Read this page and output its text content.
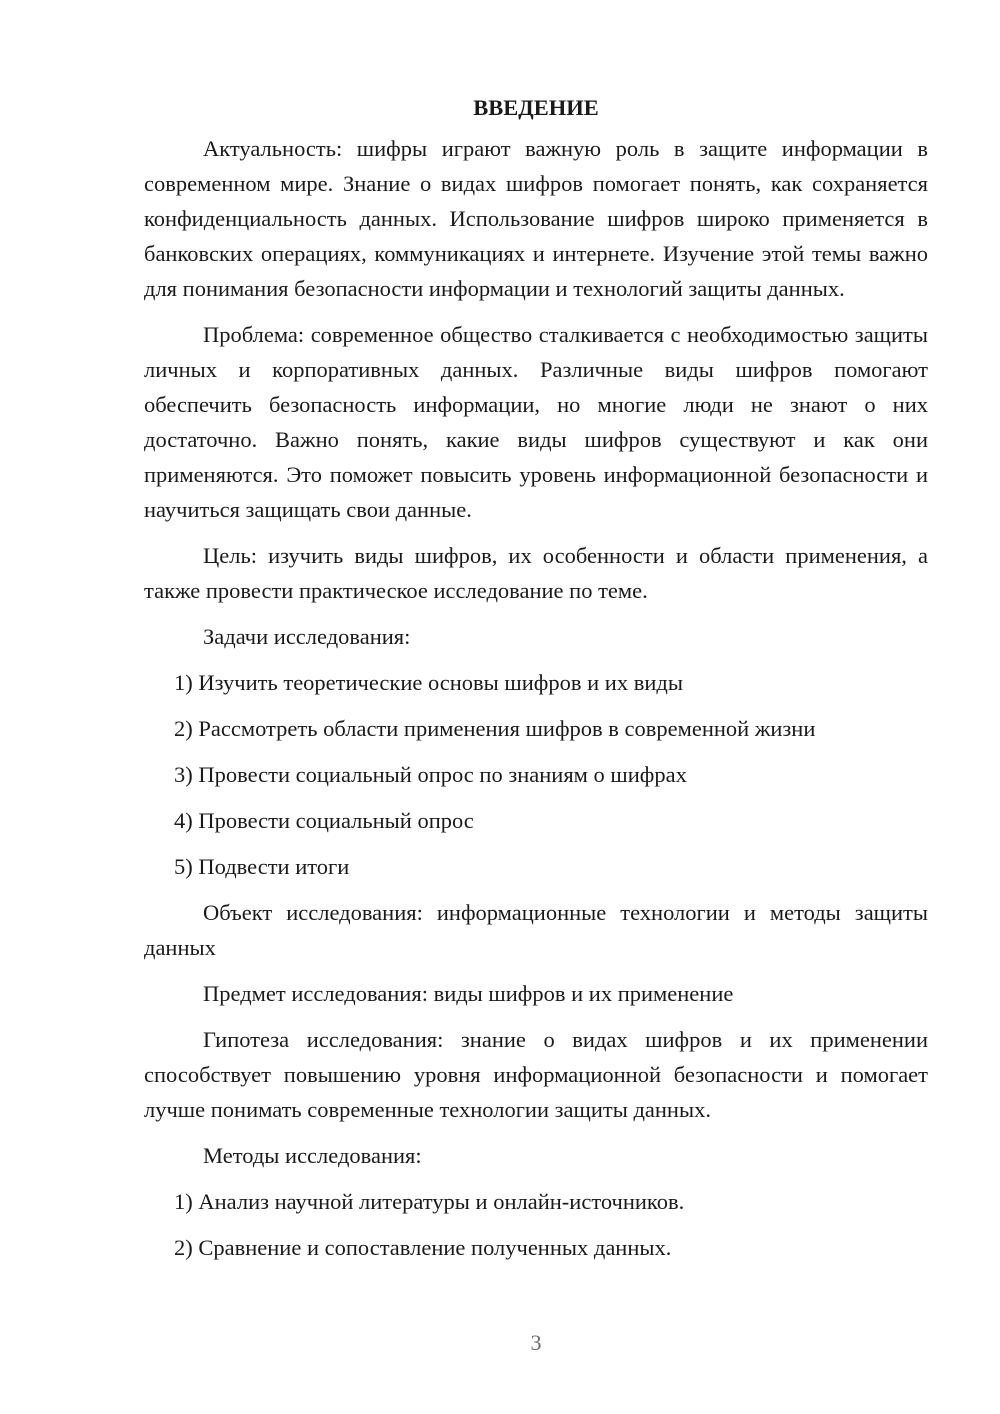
ВВЕДЕНИЕ
Актуальность: шифры играют важную роль в защите информации в современном мире. Знание о видах шифров помогает понять, как сохраняется конфиденциальность данных. Использование шифров широко применяется в банковских операциях, коммуникациях и интернете. Изучение этой темы важно для понимания безопасности информации и технологий защиты данных.
Проблема: современное общество сталкивается с необходимостью защиты личных и корпоративных данных. Различные виды шифров помогают обеспечить безопасность информации, но многие люди не знают о них достаточно. Важно понять, какие виды шифров существуют и как они применяются. Это поможет повысить уровень информационной безопасности и научиться защищать свои данные.
Цель: изучить виды шифров, их особенности и области применения, а также провести практическое исследование по теме.
Задачи исследования:
1) Изучить теоретические основы шифров и их виды
2) Рассмотреть области применения шифров в современной жизни
3) Провести социальный опрос по знаниям о шифрах
4) Провести социальный опрос
5) Подвести итоги
Объект исследования: информационные технологии и методы защиты данных
Предмет исследования: виды шифров и их применение
Гипотеза исследования: знание о видах шифров и их применении способствует повышению уровня информационной безопасности и помогает лучше понимать современные технологии защиты данных.
Методы исследования:
1) Анализ научной литературы и онлайн-источников.
2) Сравнение и сопоставление полученных данных.
3
